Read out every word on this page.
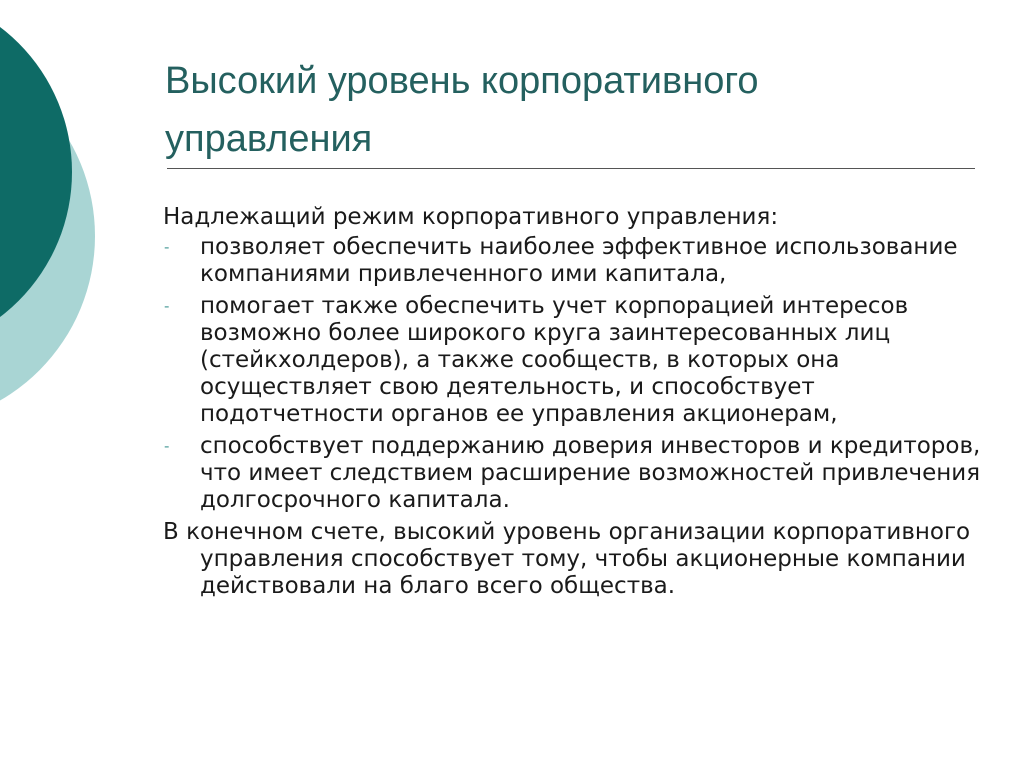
Высокий уровень корпоративного управления

Надлежащий режим корпоративного управления:

- позволяет обеспечить наиболее эффективное использование компаниями привлеченного ими капитала,
- помогает также обеспечить учет корпорацией интересов возможно более широкого круга заинтересованных лиц (стейкхолдеров), а также сообществ, в которых она осуществляет свою деятельность, и способствует подотчетности органов ее управления акционерам,
- способствует поддержанию доверия инвесторов и кредиторов, что имеет следствием расширение возможностей привлечения долгосрочного капитала.

В конечном счете, высокий уровень организации корпоративного управления способствует тому, чтобы акционерные компании действовали на благо всего общества.
